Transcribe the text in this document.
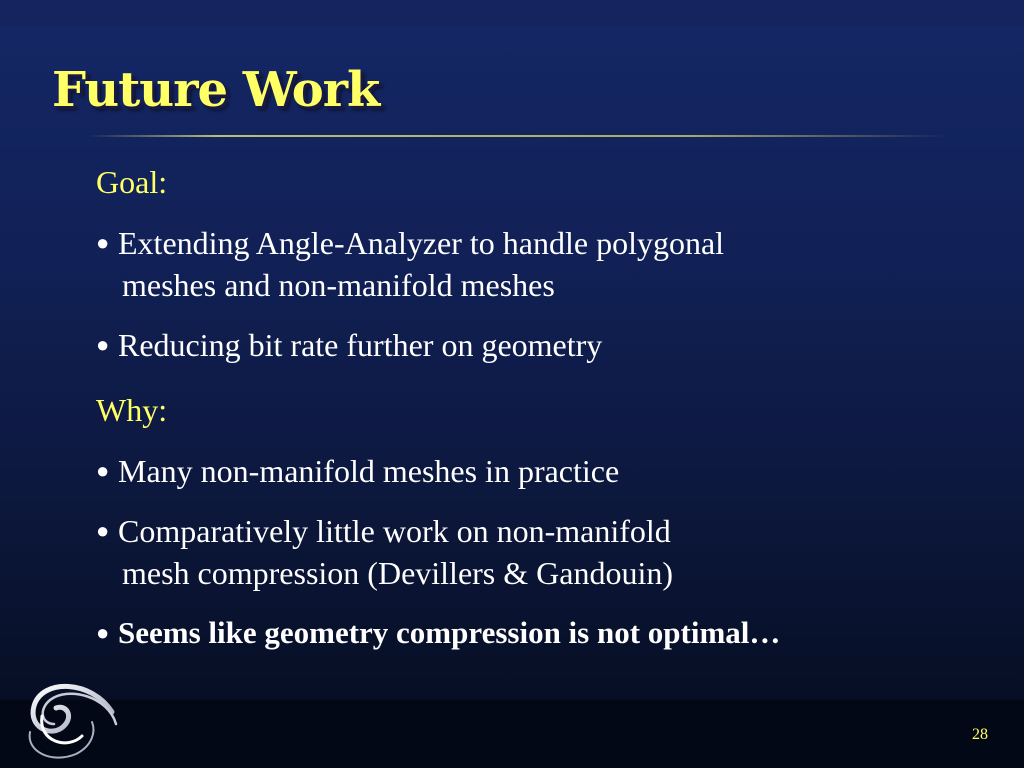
Future Work

Goal:

● Extending Angle-Analyzer to handle polygonal
meshes and non-manifold meshes
● Reducing bit rate further on geometry

Why:

● Many non-manifold meshes in practice
● Comparatively little work on non-manifold
mesh compression (Devillers & Gandouin)
● Seems like geometry compression is not optimal…
28
